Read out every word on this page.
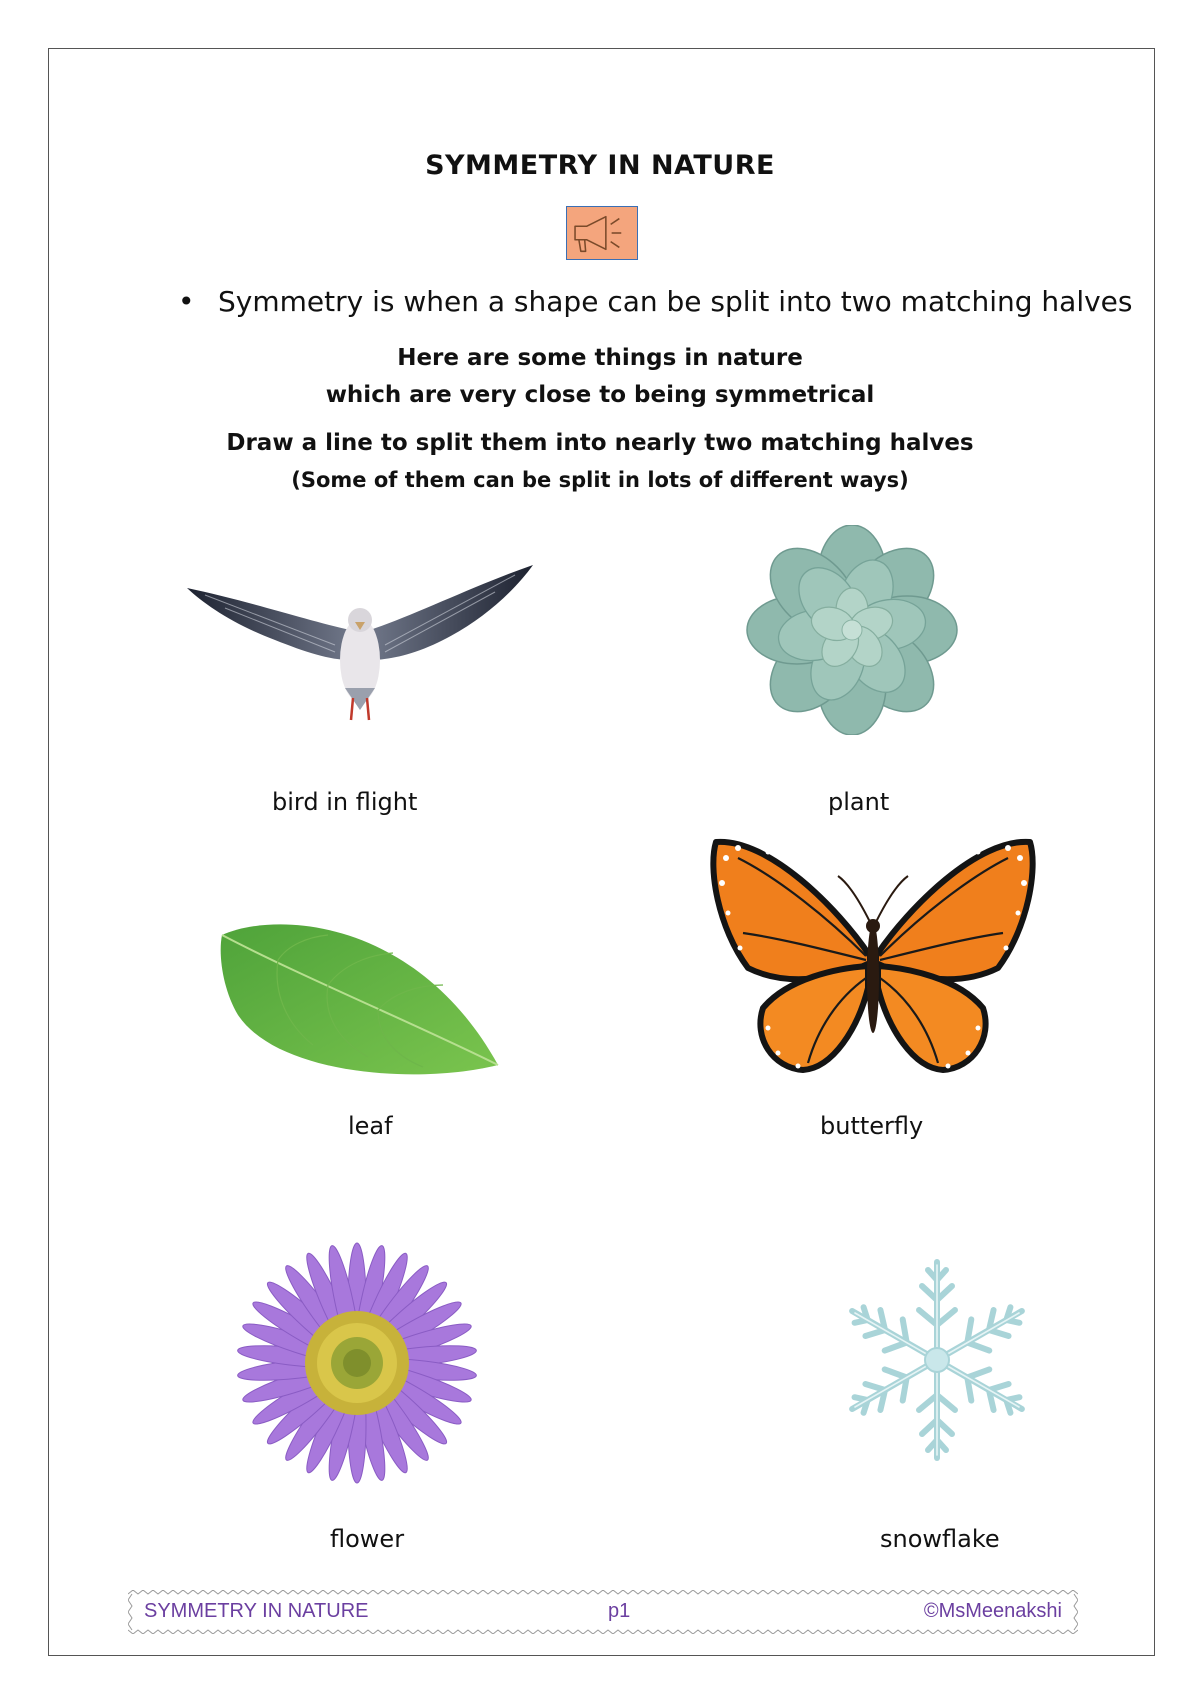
SYMMETRY IN NATURE
• Symmetry is when a shape can be split into two matching halves
Here are some things in nature
which are very close to being symmetrical
Draw a line to split them into nearly two matching halves
(Some of them can be split in lots of different ways)
bird in flight	plant
leaf	butterfly
flower	snowflake
SYMMETRY IN NATURE	p1	©MsMeenakshi
